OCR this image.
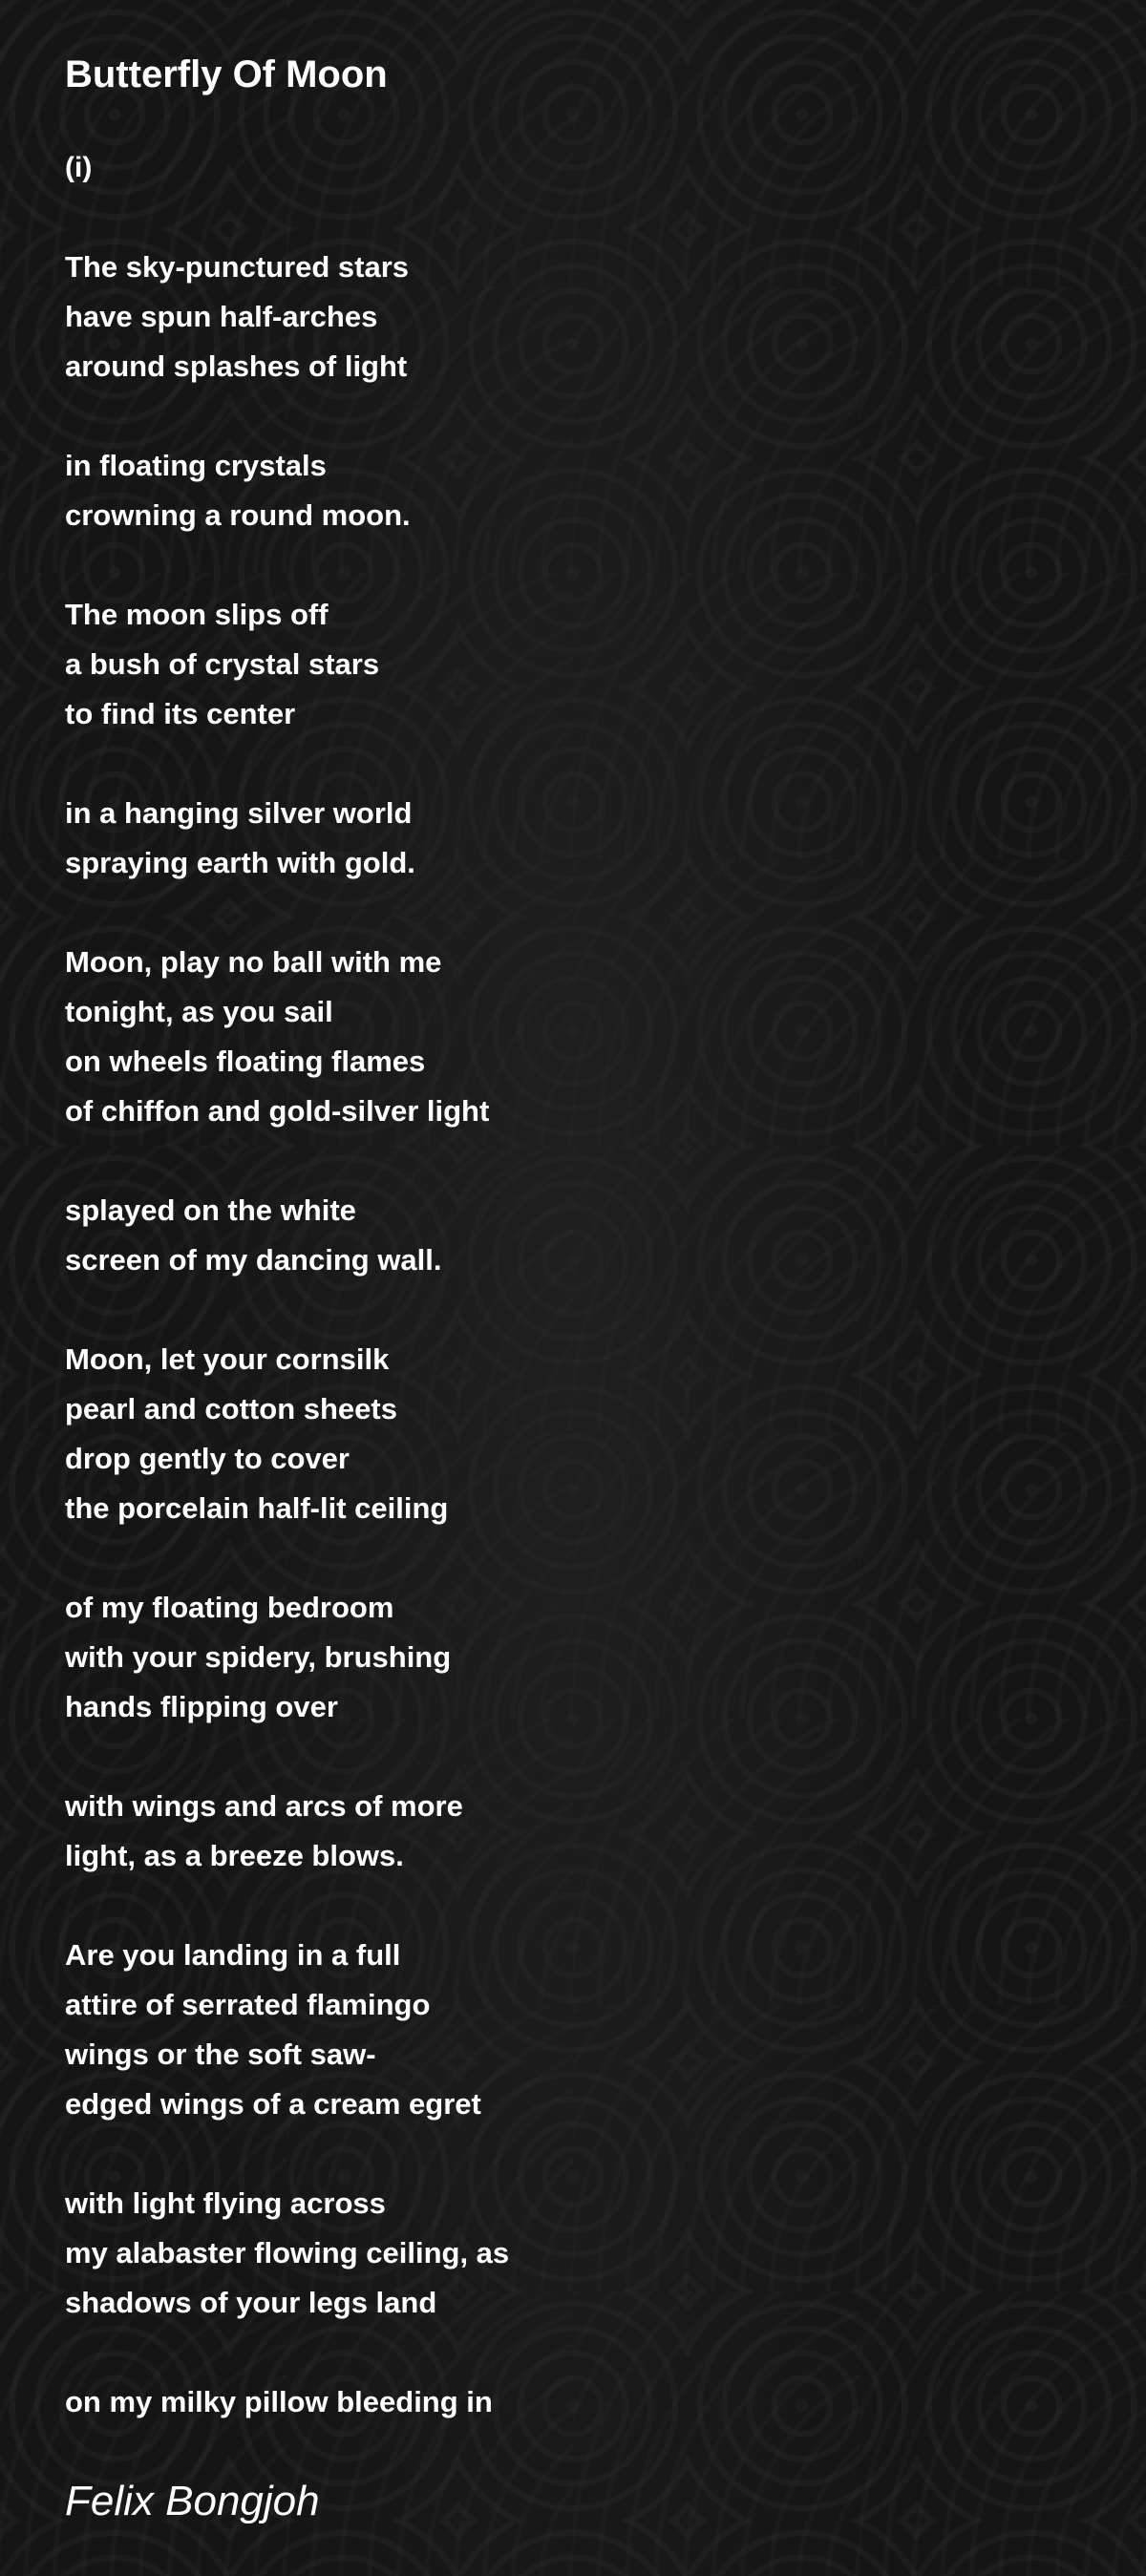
Butterfly Of Moon
(i)
The sky-punctured stars
have spun half-arches
around splashes of light
in floating crystals
crowning a round moon.
The moon slips off
a bush of crystal stars
to find its center
in a hanging silver world
spraying earth with gold.
Moon, play no ball with me
tonight, as you sail
on wheels floating flames
of chiffon and gold-silver light
splayed on the white
screen of my dancing wall.
Moon, let your cornsilk
pearl and cotton sheets
drop gently to cover
the porcelain half-lit ceiling
of my floating bedroom
with your spidery, brushing
hands flipping over
with wings and arcs of more
light, as a breeze blows.
Are you landing in a full
attire of serrated flamingo
wings or the soft saw-
edged wings of a cream egret
with light flying across
my alabaster flowing ceiling, as
shadows of your legs land
on my milky pillow bleeding in
Felix Bongjoh
